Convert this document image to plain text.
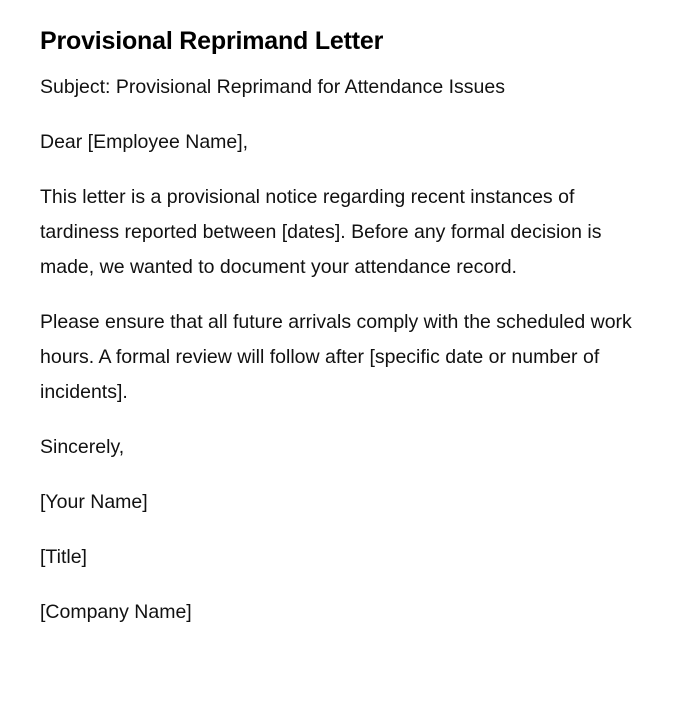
Provisional Reprimand Letter

Subject: Provisional Reprimand for Attendance Issues

Dear [Employee Name],

This letter is a provisional notice regarding recent instances of tardiness reported between [dates]. Before any formal decision is made, we wanted to document your attendance record.

Please ensure that all future arrivals comply with the scheduled work hours. A formal review will follow after [specific date or number of incidents].

Sincerely,

[Your Name]

[Title]

[Company Name]
